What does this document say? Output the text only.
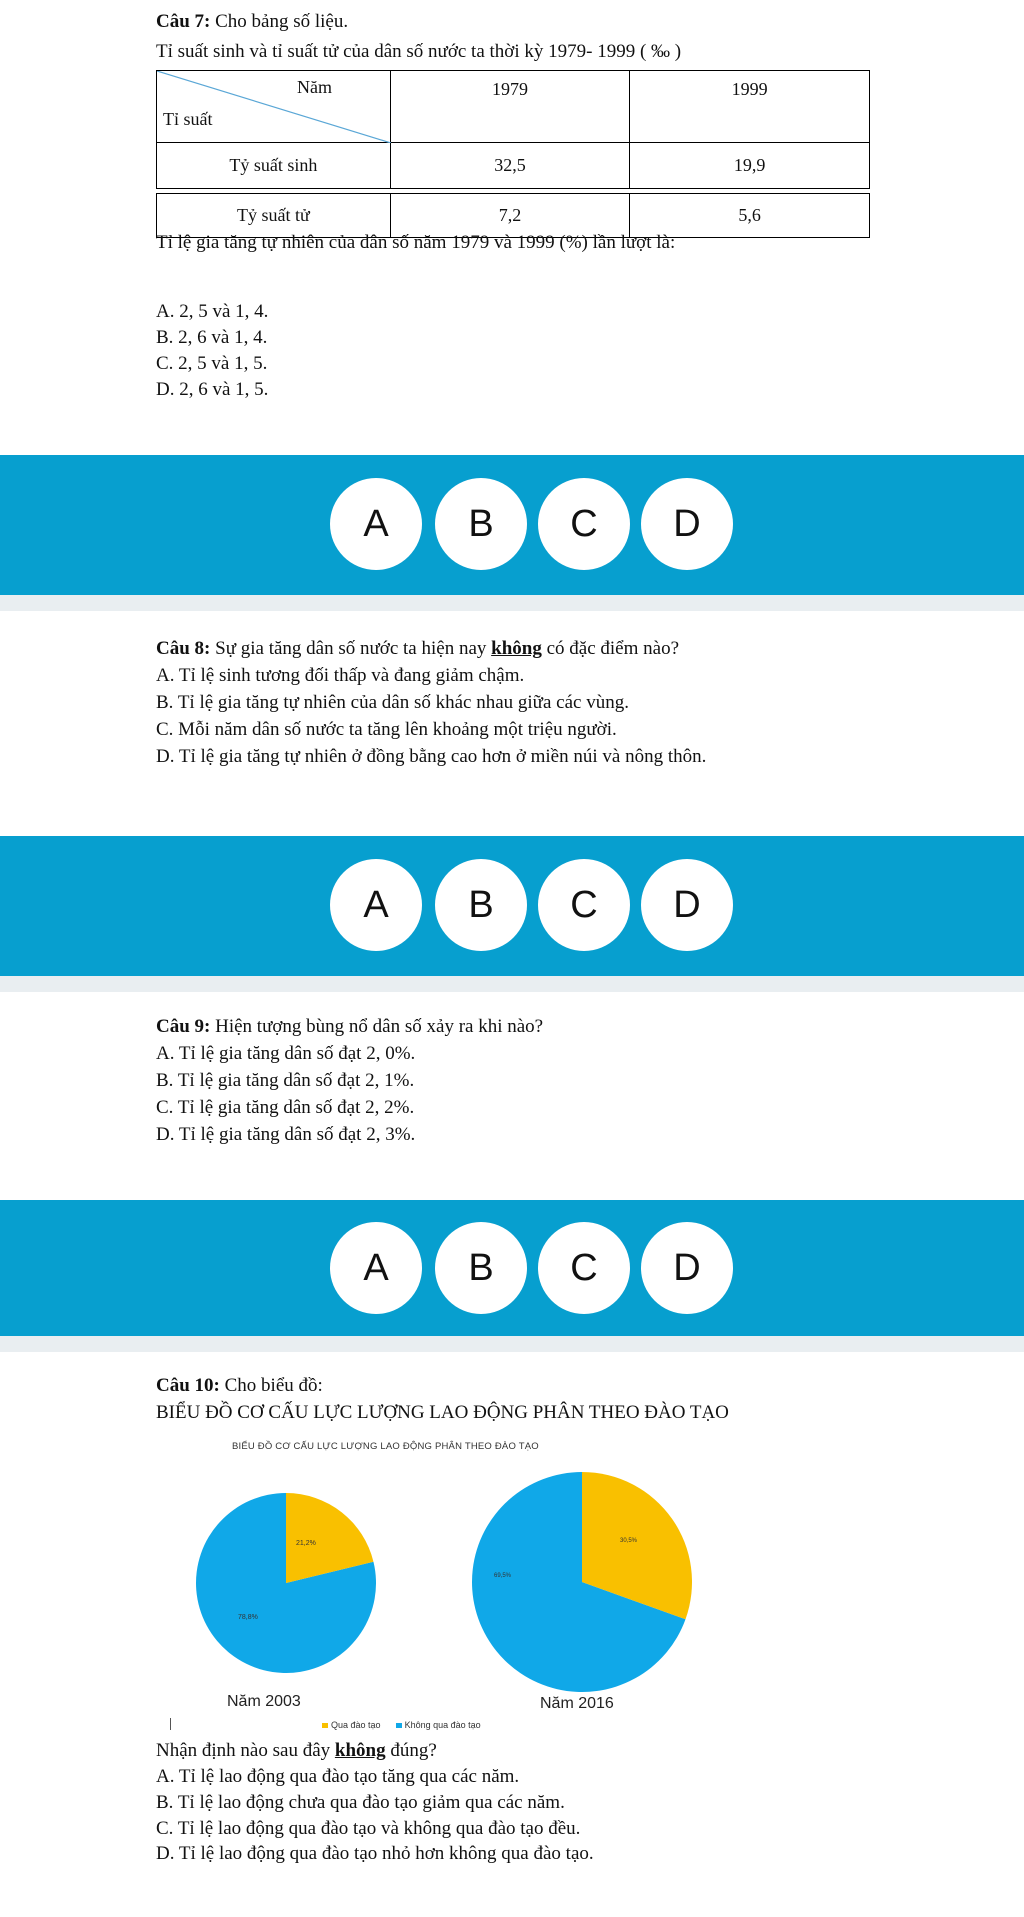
Câu 7: Cho bảng số liệu.
Tỉ suất sinh và tỉ suất tử của dân số nước ta thời kỳ 1979- 1999 ( ‰ )
Năm
Tỉ suất	1979	1999
Tỷ suất sinh	32,5	19,9

Tỷ suất tử	7,2	5,6
Tỉ lệ gia tăng tự nhiên của dân số năm 1979 và 1999 (%) lần lượt là:
A. 2, 5 và 1, 4.
B. 2, 6 và 1, 4.
C. 2, 5 và 1, 5.
D. 2, 6 và 1, 5.
A	B	C	D
Câu 8: Sự gia tăng dân số nước ta hiện nay không có đặc điểm nào?
A. Tỉ lệ sinh tương đối thấp và đang giảm chậm.
B. Tỉ lệ gia tăng tự nhiên của dân số khác nhau giữa các vùng.
C. Mỗi năm dân số nước ta tăng lên khoảng một triệu người.
D. Tỉ lệ gia tăng tự nhiên ở đồng bằng cao hơn ở miền núi và nông thôn.
A	B	C	D
Câu 9: Hiện tượng bùng nổ dân số xảy ra khi nào?
A. Tỉ lệ gia tăng dân số đạt 2, 0%.
B. Tỉ lệ gia tăng dân số đạt 2, 1%.
C. Tỉ lệ gia tăng dân số đạt 2, 2%.
D. Tỉ lệ gia tăng dân số đạt 2, 3%.
A	B	C	D
Câu 10: Cho biểu đồ:
BIỂU ĐỒ CƠ CẤU LỰC LƯỢNG LAO ĐỘNG PHÂN THEO ĐÀO TẠO
BIỂU ĐỒ CƠ CẤU LỰC LƯỢNG LAO ĐỘNG PHÂN THEO ĐÀO TẠO
21,2%
78,8%
30,5%
69,5%
Năm 2003	Năm 2016
Qua đào tạo	Không qua đào tạo
Nhận định nào sau đây không đúng?
A. Tỉ lệ lao động qua đào tạo tăng qua các năm.
B. Tỉ lệ lao động chưa qua đào tạo giảm qua các năm.
C. Tỉ lệ lao động qua đào tạo và không qua đào tạo đều.
D. Tỉ lệ lao động qua đào tạo nhỏ hơn không qua đào tạo.
